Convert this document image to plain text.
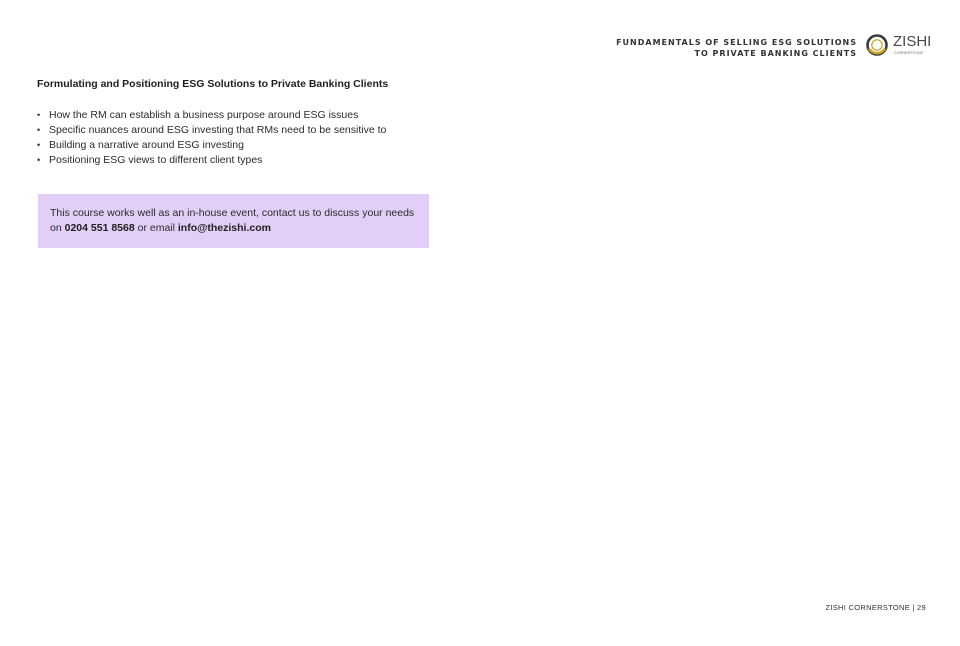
FUNDAMENTALS OF SELLING ESG SOLUTIONS
TO PRIVATE BANKING CLIENTS
ZISHI
CORNERSTONE
Formulating and Positioning ESG Solutions to Private Banking Clients
• How the RM can establish a business purpose around ESG issues
• Specific nuances around ESG investing that RMs need to be sensitive to
• Building a narrative around ESG investing
• Positioning ESG views to different client types
This course works well as an in-house event, contact us to discuss your needs on 0204 551 8568 or email info@thezishi.com
ZISHI CORNERSTONE | 29
